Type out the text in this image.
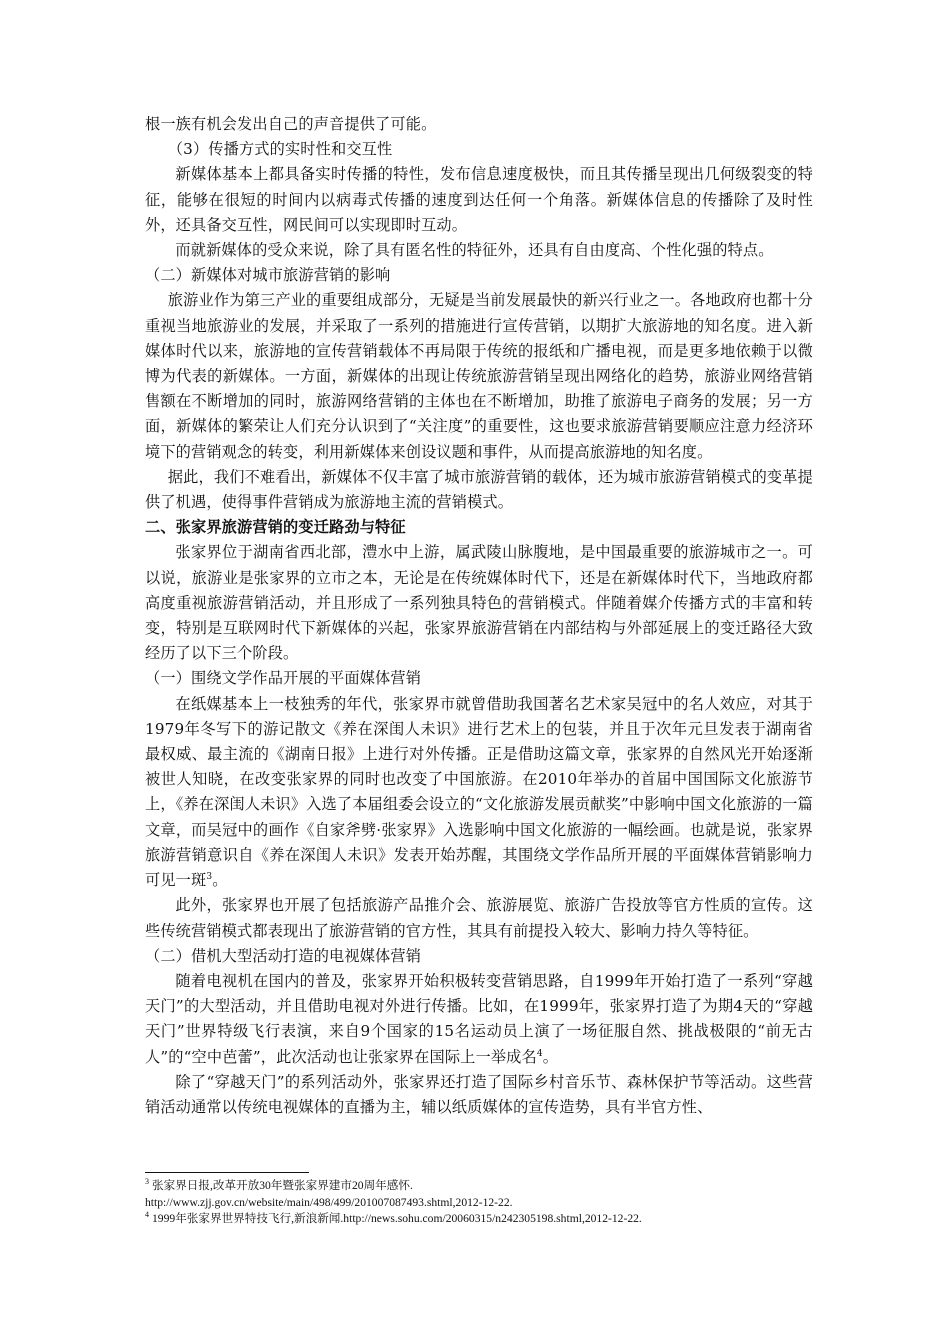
根一族有机会发出自己的声音提供了可能。

（3）传播方式的实时性和交互性

新媒体基本上都具备实时传播的特性，发布信息速度极快，而且其传播呈现出几何级裂变的特征，能够在很短的时间内以病毒式传播的速度到达任何一个角落。新媒体信息的传播除了及时性外，还具备交互性，网民间可以实现即时互动。

而就新媒体的受众来说，除了具有匿名性的特征外，还具有自由度高、个性化强的特点。

（二）新媒体对城市旅游营销的影响

旅游业作为第三产业的重要组成部分，无疑是当前发展最快的新兴行业之一。各地政府也都十分重视当地旅游业的发展，并采取了一系列的措施进行宣传营销，以期扩大旅游地的知名度。进入新媒体时代以来，旅游地的宣传营销载体不再局限于传统的报纸和广播电视，而是更多地依赖于以微博为代表的新媒体。一方面，新媒体的出现让传统旅游营销呈现出网络化的趋势，旅游业网络营销售额在不断增加的同时，旅游网络营销的主体也在不断增加，助推了旅游电子商务的发展；另一方面，新媒体的繁荣让人们充分认识到了“关注度”的重要性，这也要求旅游营销要顺应注意力经济环境下的营销观念的转变，利用新媒体来创设议题和事件，从而提高旅游地的知名度。

据此，我们不难看出，新媒体不仅丰富了城市旅游营销的载体，还为城市旅游营销模式的变革提供了机遇，使得事件营销成为旅游地主流的营销模式。

二、张家界旅游营销的变迁路劲与特征

张家界位于湖南省西北部，澧水中上游，属武陵山脉腹地，是中国最重要的旅游城市之一。可以说，旅游业是张家界的立市之本，无论是在传统媒体时代下，还是在新媒体时代下，当地政府都高度重视旅游营销活动，并且形成了一系列独具特色的营销模式。伴随着媒介传播方式的丰富和转变，特别是互联网时代下新媒体的兴起，张家界旅游营销在内部结构与外部延展上的变迁路径大致经历了以下三个阶段。

（一）围绕文学作品开展的平面媒体营销

在纸媒基本上一枝独秀的年代，张家界市就曾借助我国著名艺术家吴冠中的名人效应，对其于1979年冬写下的游记散文《养在深闺人未识》进行艺术上的包装，并且于次年元旦发表于湖南省最权威、最主流的《湖南日报》上进行对外传播。正是借助这篇文章，张家界的自然风光开始逐渐被世人知晓，在改变张家界的同时也改变了中国旅游。在2010年举办的首届中国国际文化旅游节上，《养在深闺人未识》入选了本届组委会设立的“文化旅游发展贡献奖”中影响中国文化旅游的一篇文章，而吴冠中的画作《自家斧劈·张家界》入选影响中国文化旅游的一幅绘画。也就是说，张家界旅游营销意识自《养在深闺人未识》发表开始苏醒，其围绕文学作品所开展的平面媒体营销影响力可见一斑$^3$。

此外，张家界也开展了包括旅游产品推介会、旅游展览、旅游广告投放等官方性质的宣传。这些传统营销模式都表现出了旅游营销的官方性，其具有前提投入较大、影响力持久等特征。

（二）借机大型活动打造的电视媒体营销

随着电视机在国内的普及，张家界开始积极转变营销思路，自1999年开始打造了一系列“穿越天门”的大型活动，并且借助电视对外进行传播。比如，在1999年，张家界打造了为期4天的“穿越天门”世界特级飞行表演，来自9个国家的15名运动员上演了一场征服自然、挑战极限的“前无古人”的“空中芭蕾”，此次活动也让张家界在国际上一举成名$^4$。

除了“穿越天门”的系列活动外，张家界还打造了国际乡村音乐节、森林保护节等活动。这些营销活动通常以传统电视媒体的直播为主，辅以纸质媒体的宣传造势，具有半官方性、

$^3$ 张家界日报,改革开放30年暨张家界建市20周年感怀.

http://www.zjj.gov.cn/website/main/498/499/201007087493.shtml,2012-12-22.

$^4$ 1999年张家界世界特技飞行,新浪新闻.http://news.sohu.com/20060315/n242305198.shtml,2012-12-22.
